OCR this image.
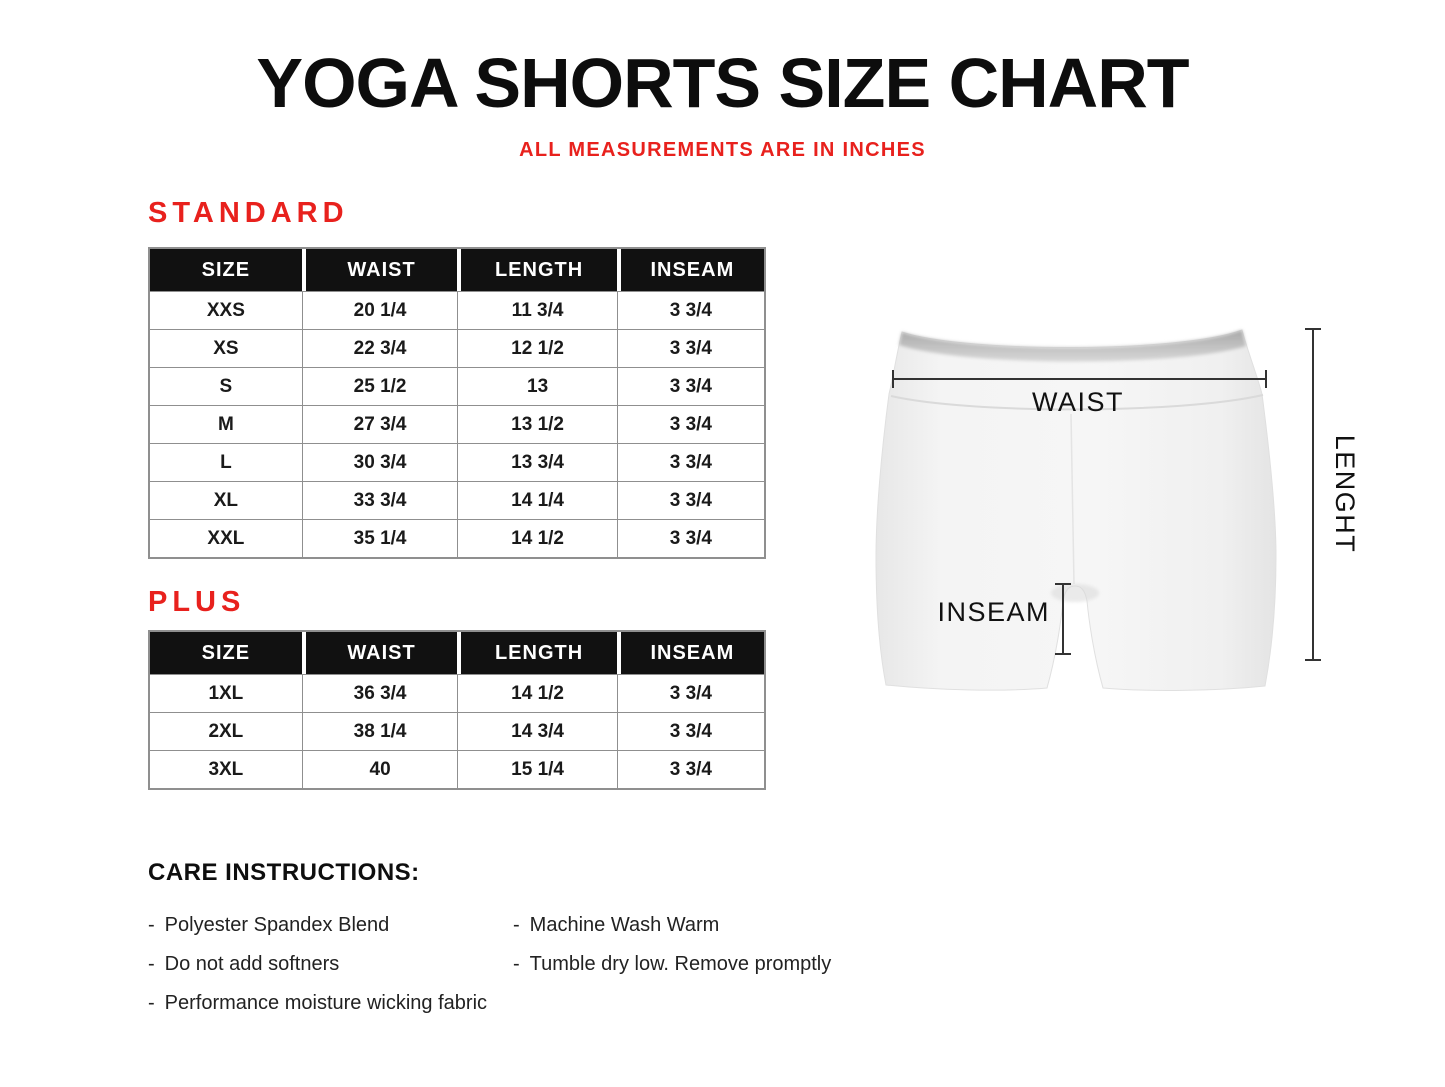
YOGA SHORTS SIZE CHART
ALL MEASUREMENTS ARE IN INCHES
STANDARD
SIZE	WAIST	LENGTH	INSEAM
XXS	20 1/4	11 3/4	3 3/4
XS	22 3/4	12 1/2	3 3/4
S	25 1/2	13	3 3/4
M	27 3/4	13 1/2	3 3/4
L	30 3/4	13 3/4	3 3/4
XL	33 3/4	14 1/4	3 3/4
XXL	35 1/4	14 1/2	3 3/4
PLUS
SIZE	WAIST	LENGTH	INSEAM
1XL	36 3/4	14 1/2	3 3/4
2XL	38 1/4	14 3/4	3 3/4
3XL	40	15 1/4	3 3/4
CARE INSTRUCTIONS:
- Polyester Spandex Blend
- Do not add softners
- Performance moisture wicking fabric
- Machine Wash Warm
- Tumble dry low. Remove promptly
WAIST
INSEAM
LENGHT
